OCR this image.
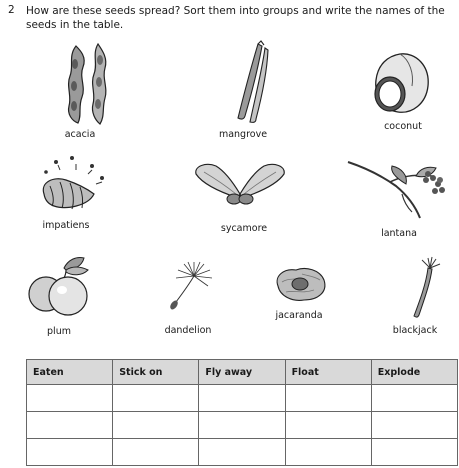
2 How are these seeds spread? Sort them into groups and write the names of the seeds in the table.
acacia	mangrove
coconut
impatiens	sycamore	lantana
plum	dandelion
jacaranda
blackjack
Eaten	Stick on	Fly away	Float	Explode
